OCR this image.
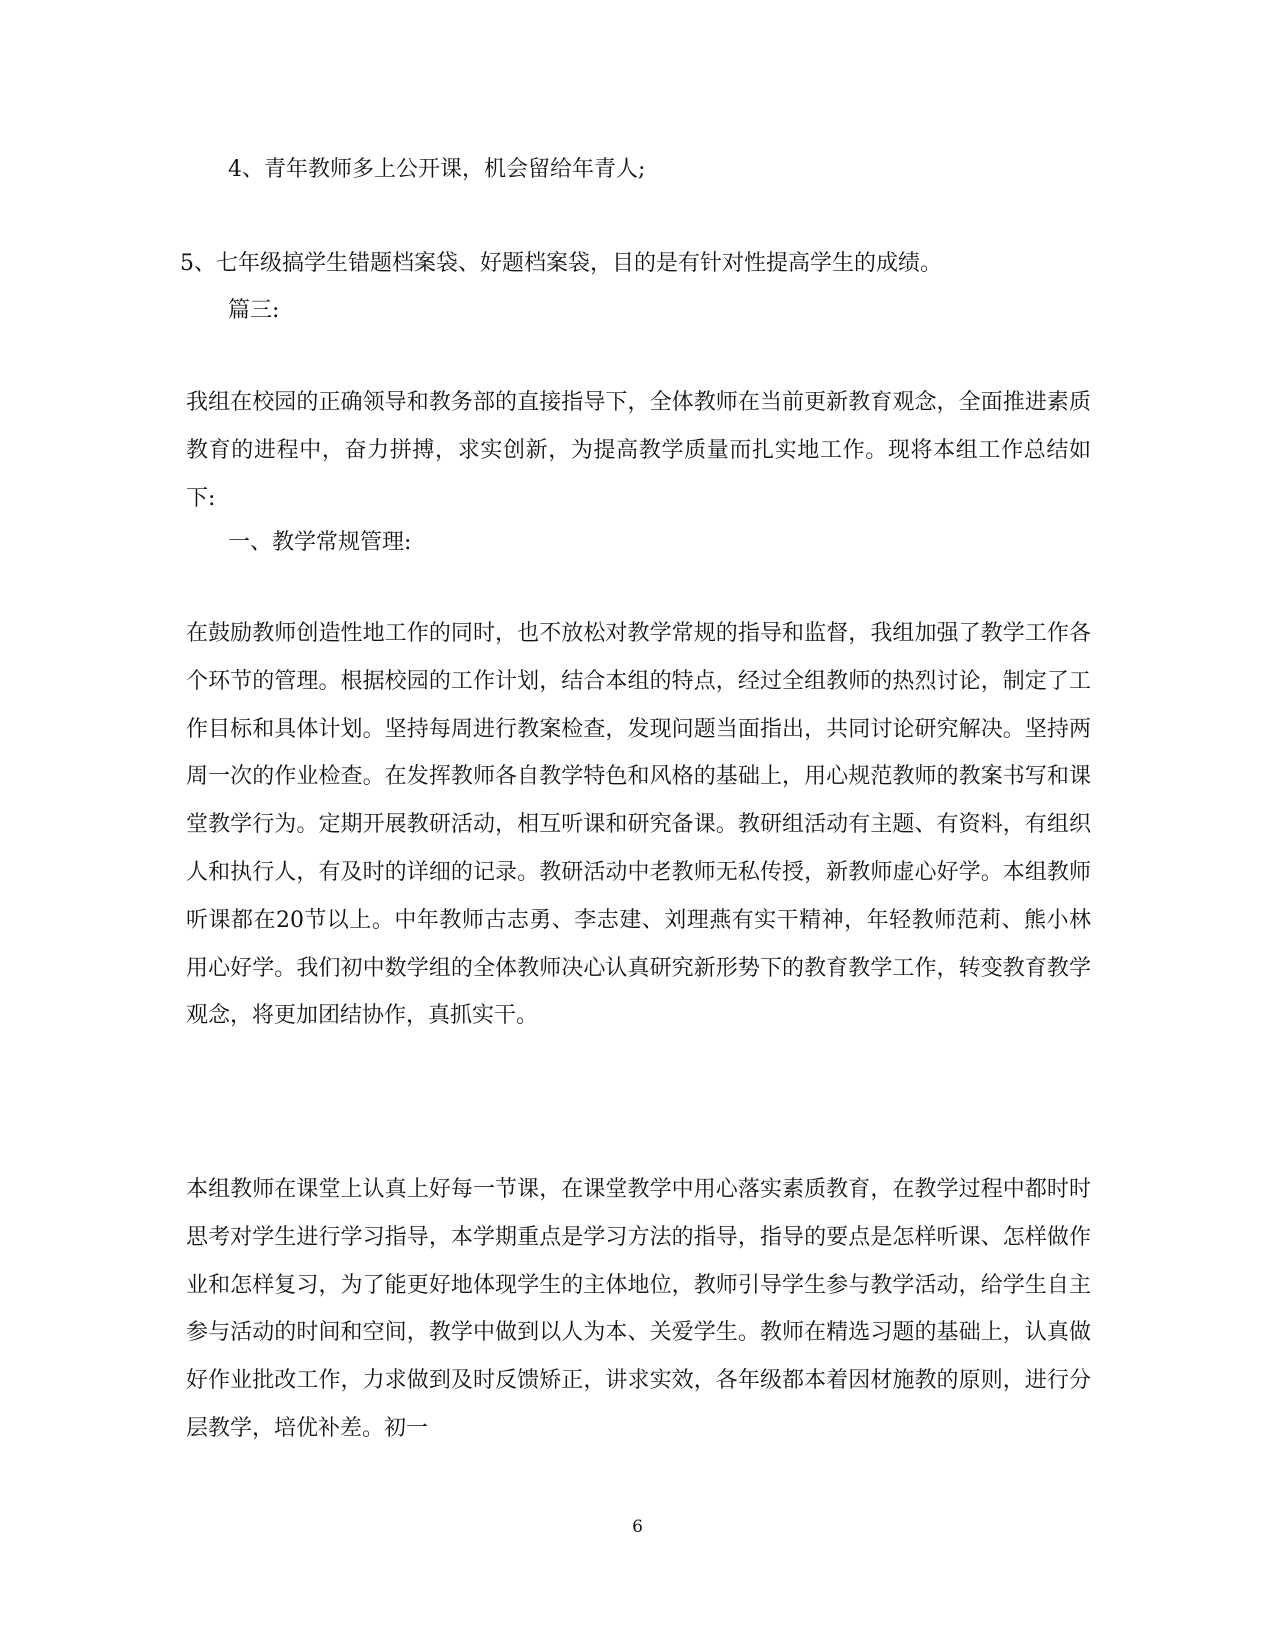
4、青年教师多上公开课，机会留给年青人;
5、七年级搞学生错题档案袋、好题档案袋，目的是有针对性提高学生的成绩。
篇三:
我组在校园的正确领导和教务部的直接指导下，全体教师在当前更新教育观念，全面推进素质教育的进程中，奋力拼搏，求实创新，为提高教学质量而扎实地工作。现将本组工作总结如下:
一、教学常规管理:
在鼓励教师创造性地工作的同时，也不放松对教学常规的指导和监督，我组加强了教学工作各个环节的管理。根据校园的工作计划，结合本组的特点，经过全组教师的热烈讨论，制定了工作目标和具体计划。坚持每周进行教案检查，发现问题当面指出，共同讨论研究解决。坚持两周一次的作业检查。在发挥教师各自教学特色和风格的基础上，用心规范教师的教案书写和课堂教学行为。定期开展教研活动，相互听课和研究备课。教研组活动有主题、有资料，有组织人和执行人，有及时的详细的记录。教研活动中老教师无私传授，新教师虚心好学。本组教师听课都在20节以上。中年教师古志勇、李志建、刘理燕有实干精神，年轻教师范莉、熊小林用心好学。我们初中数学组的全体教师决心认真研究新形势下的教育教学工作，转变教育教学观念，将更加团结协作，真抓实干。
本组教师在课堂上认真上好每一节课，在课堂教学中用心落实素质教育，在教学过程中都时时思考对学生进行学习指导，本学期重点是学习方法的指导，指导的要点是怎样听课、怎样做作业和怎样复习，为了能更好地体现学生的主体地位，教师引导学生参与教学活动，给学生自主参与活动的时间和空间，教学中做到以人为本、关爱学生。教师在精选习题的基础上，认真做好作业批改工作，力求做到及时反馈矫正，讲求实效，各年级都本着因材施教的原则，进行分层教学，培优补差。初一
6
